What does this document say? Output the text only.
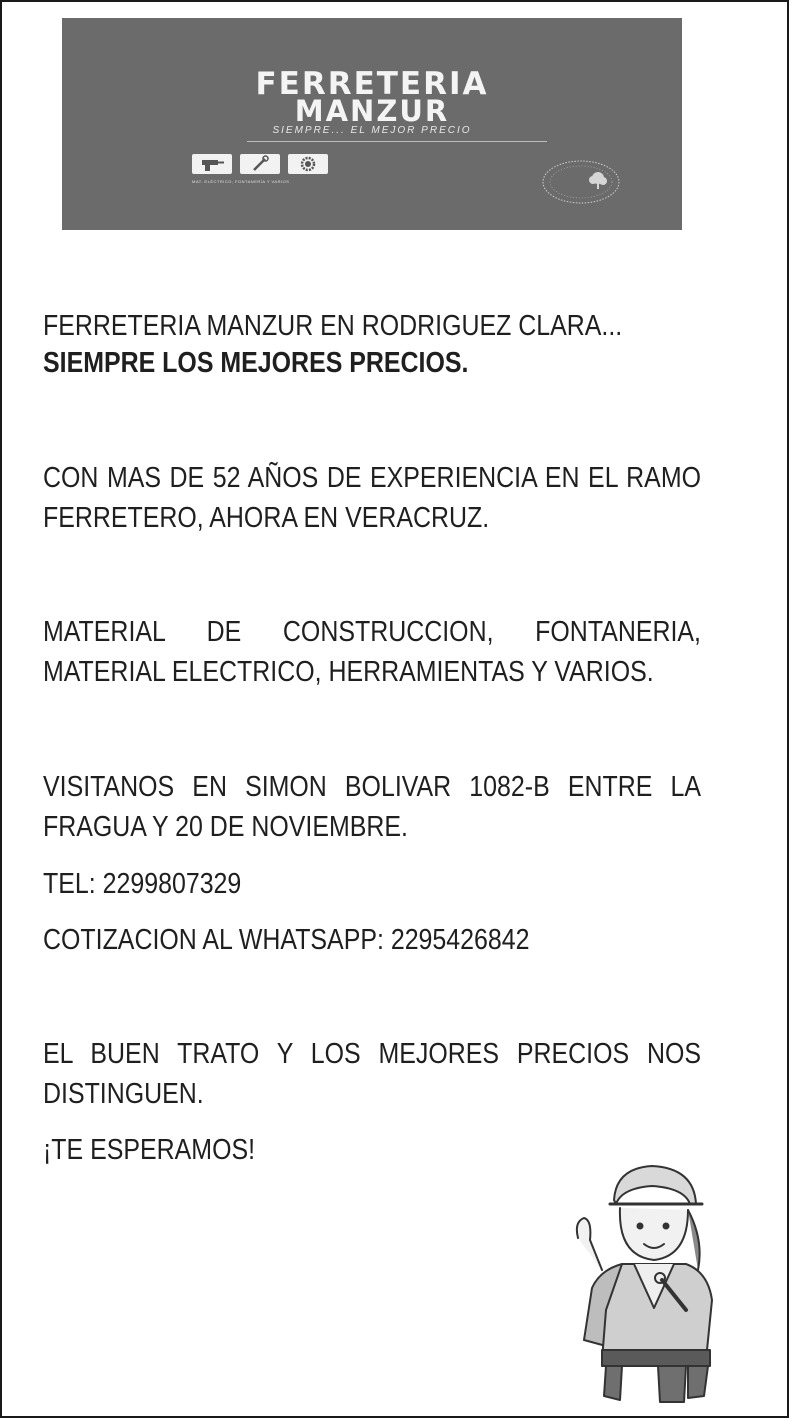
FERRETERIA
MANZUR
SIEMPRE... EL MEJOR PRECIO
MAT. ELÉCTRICO, FONTANERÍA Y VARIOS
FERRETERIA MANZUR EN RODRIGUEZ CLARA...
SIEMPRE LOS MEJORES PRECIOS.
CON MAS DE 52 AÑOS DE EXPERIENCIA EN EL RAMO FERRETERO, AHORA EN VERACRUZ.
MATERIAL DE CONSTRUCCION, FONTANERIA, MATERIAL ELECTRICO, HERRAMIENTAS Y VARIOS.
VISITANOS EN SIMON BOLIVAR 1082-B ENTRE LA FRAGUA Y 20 DE NOVIEMBRE.
TEL: 2299807329
COTIZACION AL WHATSAPP: 2295426842
EL BUEN TRATO Y LOS MEJORES PRECIOS NOS DISTINGUEN.
¡TE ESPERAMOS!
